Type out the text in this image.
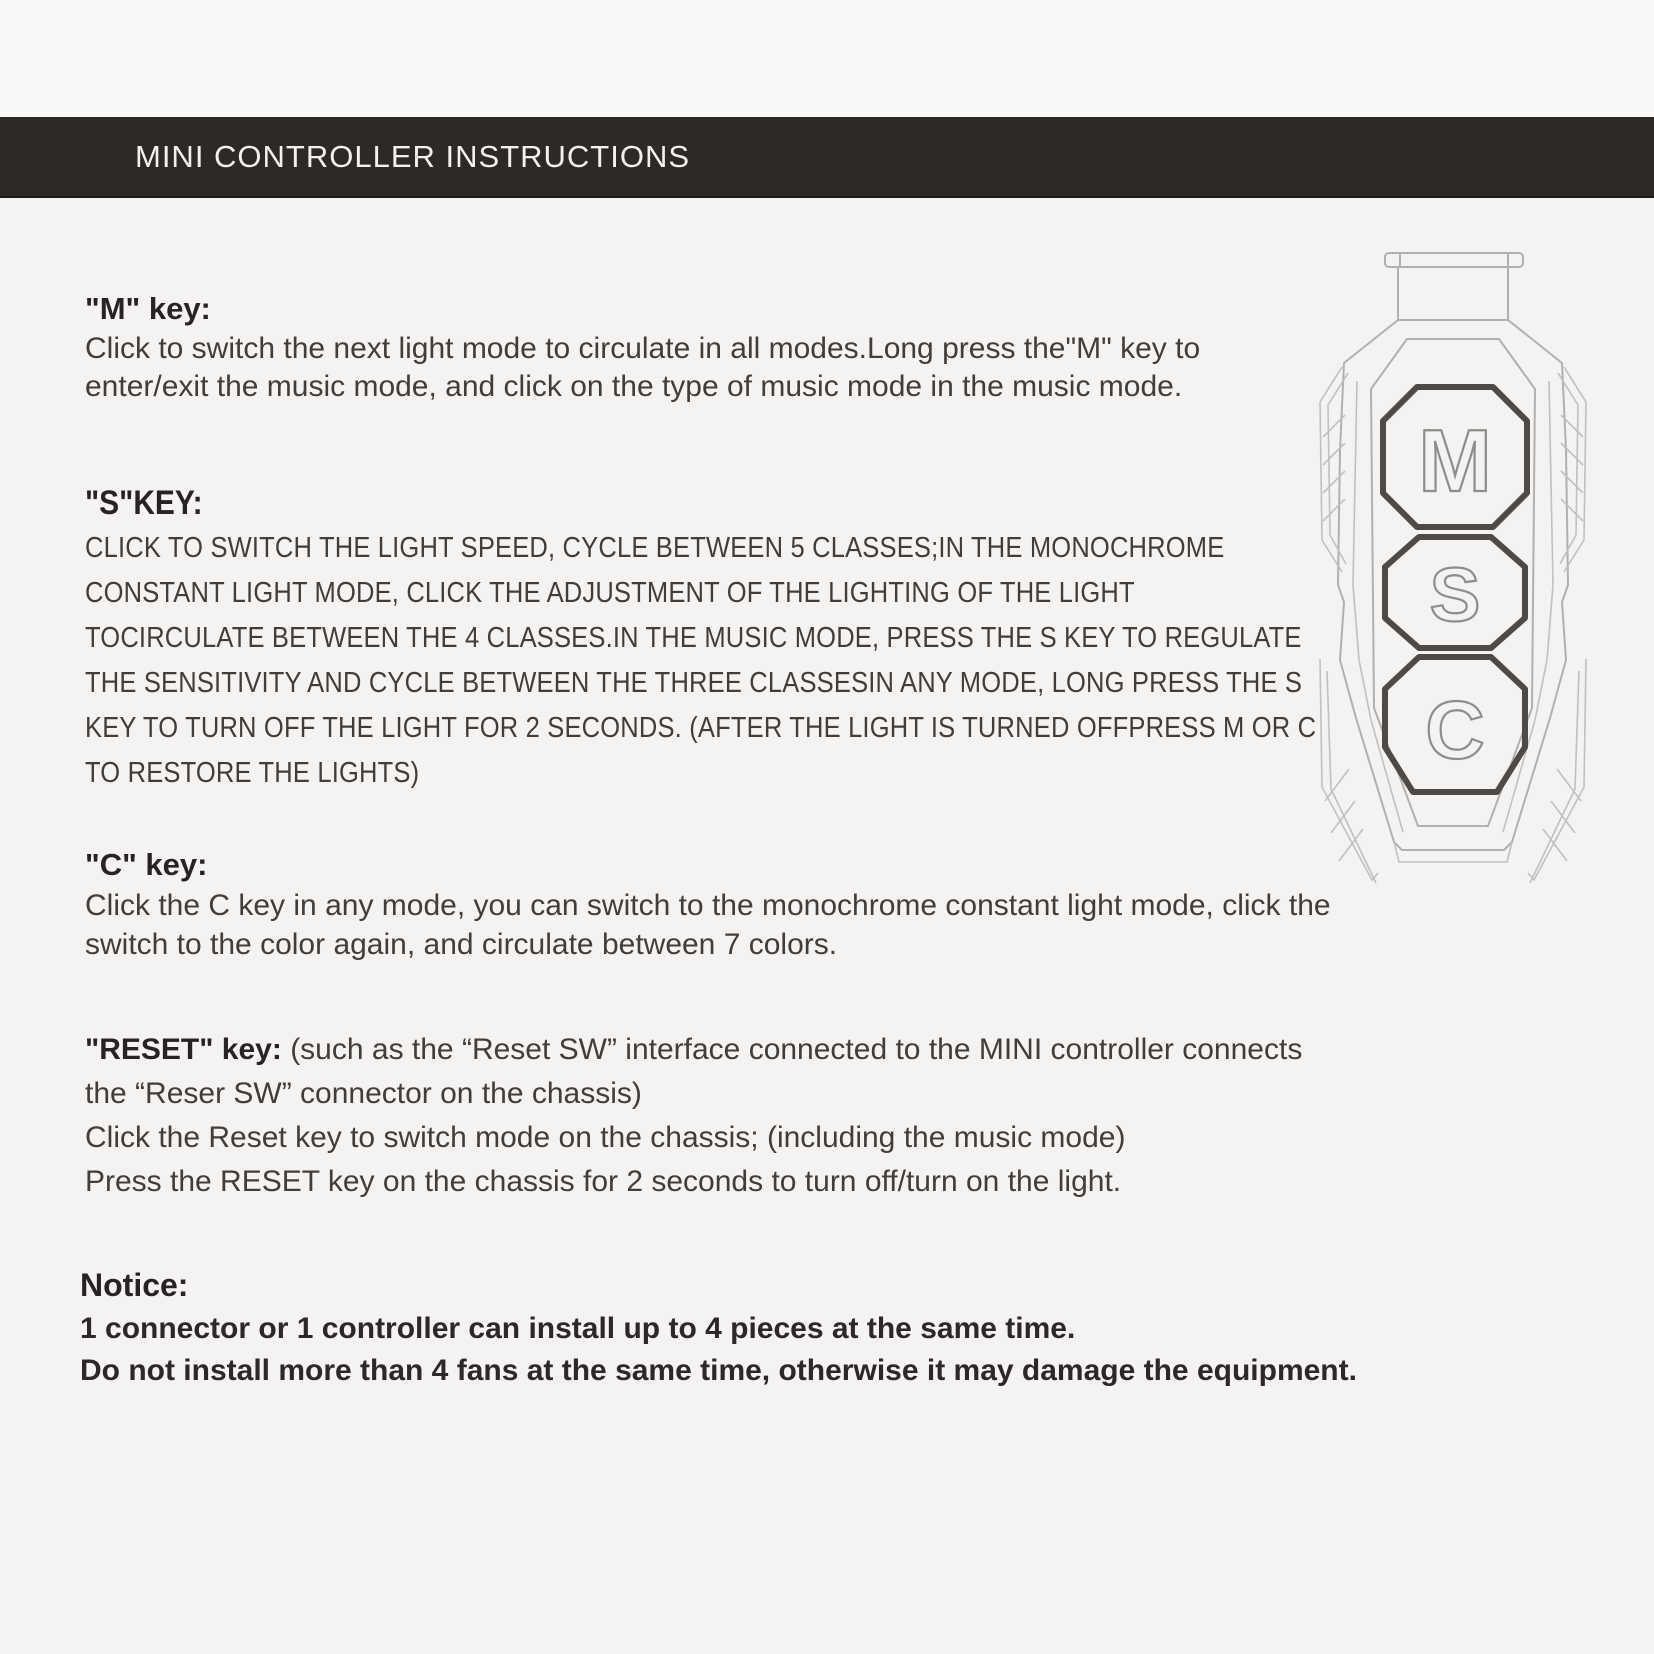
MINI CONTROLLER INSTRUCTIONS
"M" key:
Click to switch the next light mode to circulate in all modes.Long press the"M" key to
enter/exit the music mode, and click on the type of music mode in the music mode.
"S"KEY:
CLICK TO SWITCH THE LIGHT SPEED, CYCLE BETWEEN 5 CLASSES;IN THE MONOCHROME
CONSTANT LIGHT MODE, CLICK THE ADJUSTMENT OF THE LIGHTING OF THE LIGHT
TOCIRCULATE BETWEEN THE 4 CLASSES.IN THE MUSIC MODE, PRESS THE S KEY TO REGULATE
THE SENSITIVITY AND CYCLE BETWEEN THE THREE CLASSESIN ANY MODE, LONG PRESS THE S
KEY TO TURN OFF THE LIGHT FOR 2 SECONDS. (AFTER THE LIGHT IS TURNED OFFPRESS M OR C
TO RESTORE THE LIGHTS)
"C" key:
Click the C key in any mode, you can switch to the monochrome constant light mode, click the
switch to the color again, and circulate between 7 colors.
"RESET" key: (such as the “Reset SW” interface connected to the MINI controller connects
the “Reser SW” connector on the chassis)
Click the Reset key to switch mode on the chassis; (including the music mode)
Press the RESET key on the chassis for 2 seconds to turn off/turn on the light.
Notice:
1 connector or 1 controller can install up to 4 pieces at the same time.
Do not install more than 4 fans at the same time, otherwise it may damage the equipment.
M
S
C
